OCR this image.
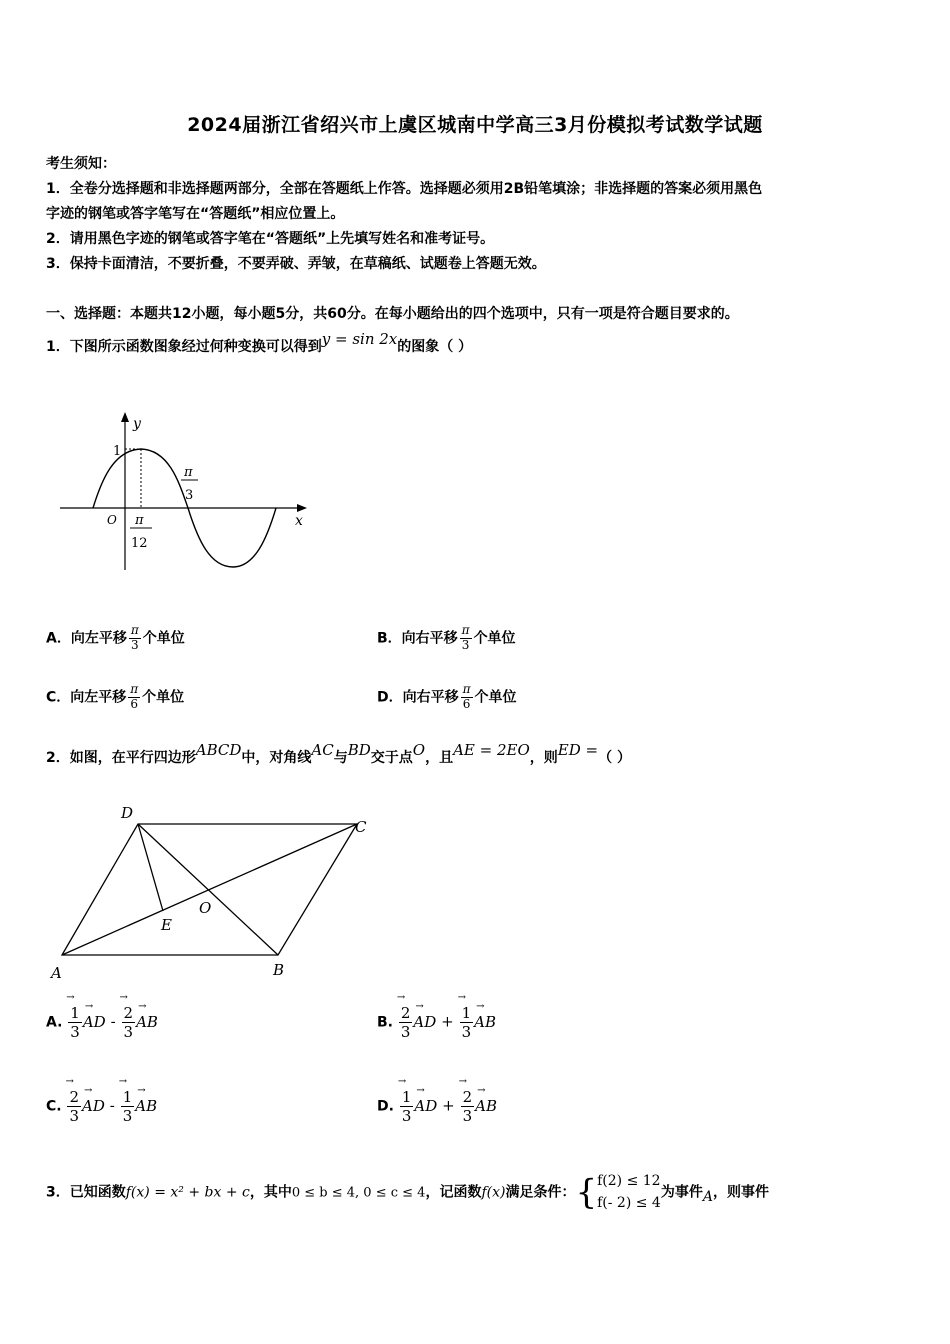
2024届浙江省绍兴市上虞区城南中学高三3月份模拟考试数学试题
考生须知：
1．全卷分选择题和非选择题两部分，全部在答题纸上作答。选择题必须用2B铅笔填涂；非选择题的答案必须用黑色
字迹的钢笔或答字笔写在“答题纸”相应位置上。
2．请用黑色字迹的钢笔或答字笔在“答题纸”上先填写姓名和准考证号。
3．保持卡面清洁，不要折叠，不要弄破、弄皱，在草稿纸、试题卷上答题无效。
一、选择题：本题共12小题，每小题5分，共60分。在每小题给出的四个选项中，只有一项是符合题目要求的。
1．下图所示函数图象经过何种变换可以得到y = sin 2x的图象（ ）
y
x
O
1
π
12
π
3
A．向左平移 $\frac{\pi}{3}$ 个单位	B．向右平移 $\frac{\pi}{3}$ 个单位
C．向左平移 $\frac{\pi}{6}$ 个单位	D．向右平移 $\frac{\pi}{6}$ 个单位
2．如图，在平行四边形ABCD中，对角线AC与BD交于点O，且AE = 2EO，则ED =（ ）
A	B
C
D
E
O
A. → $\frac{1}{3}$ → AD - → $\frac{2}{3}$ → AB	B. → $\frac{2}{3}$ → AD + → $\frac{1}{3}$ → AB
C. → $\frac{2}{3}$ → AD - → $\frac{1}{3}$ → AB	D. → $\frac{1}{3}$ → AD + → $\frac{2}{3}$ → AB
3．已知函数f(x) = x² + bx + c，其中0 ≤ b ≤ 4, 0 ≤ c ≤ 4，记函数f(x)满足条件：{ f(2) ≤ 12
f(- 2) ≤ 4
为事件A，则事件
